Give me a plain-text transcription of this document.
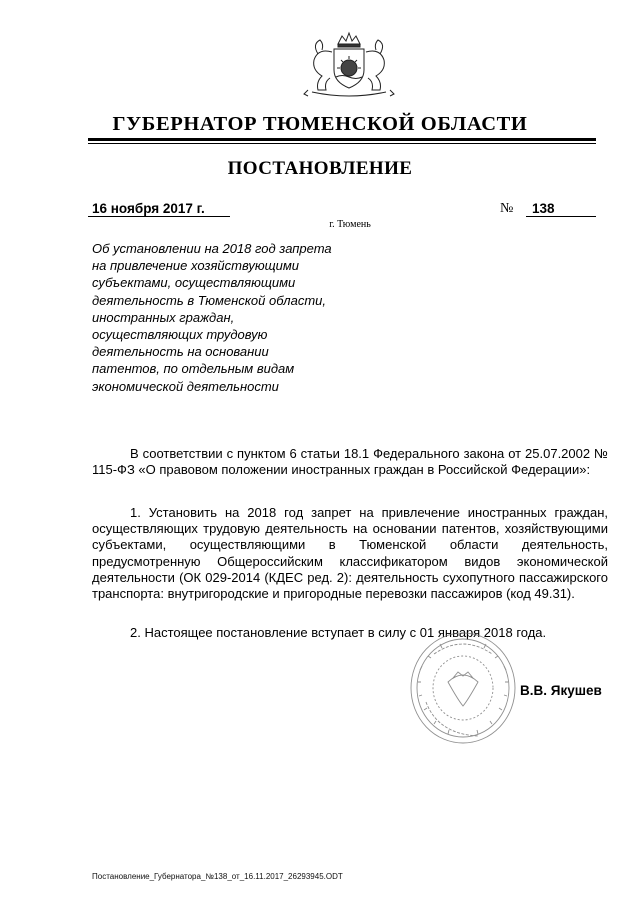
ГУБЕРНАТОР ТЮМЕНСКОЙ ОБЛАСТИ
ПОСТАНОВЛЕНИЕ
16 ноября 2017 г.	№ 138
г. Тюмень
Об установлении на 2018 год запрета на привлечение хозяйствующими субъектами, осуществляющими деятельность в Тюменской области, иностранных граждан, осуществляющих трудовую деятельность на основании патентов, по отдельным видам экономической деятельности
В соответствии с пунктом 6 статьи 18.1 Федерального закона от 25.07.2002 № 115-ФЗ «О правовом положении иностранных граждан в Российской Федерации»:
1. Установить на 2018 год запрет на привлечение иностранных граждан, осуществляющих трудовую деятельность на основании патентов, хозяйствующими субъектами, осуществляющими в Тюменской области деятельность, предусмотренную Общероссийским классификатором видов экономической деятельности (ОК 029-2014 (КДЕС ред. 2): деятельность сухопутного пассажирского транспорта: внутригородские и пригородные перевозки пассажиров (код 49.31).
2. Настоящее постановление вступает в силу с 01 января 2018 года.
В.В. Якушев
Постановление_Губернатора_№138_от_16.11.2017_26293945.ODT
